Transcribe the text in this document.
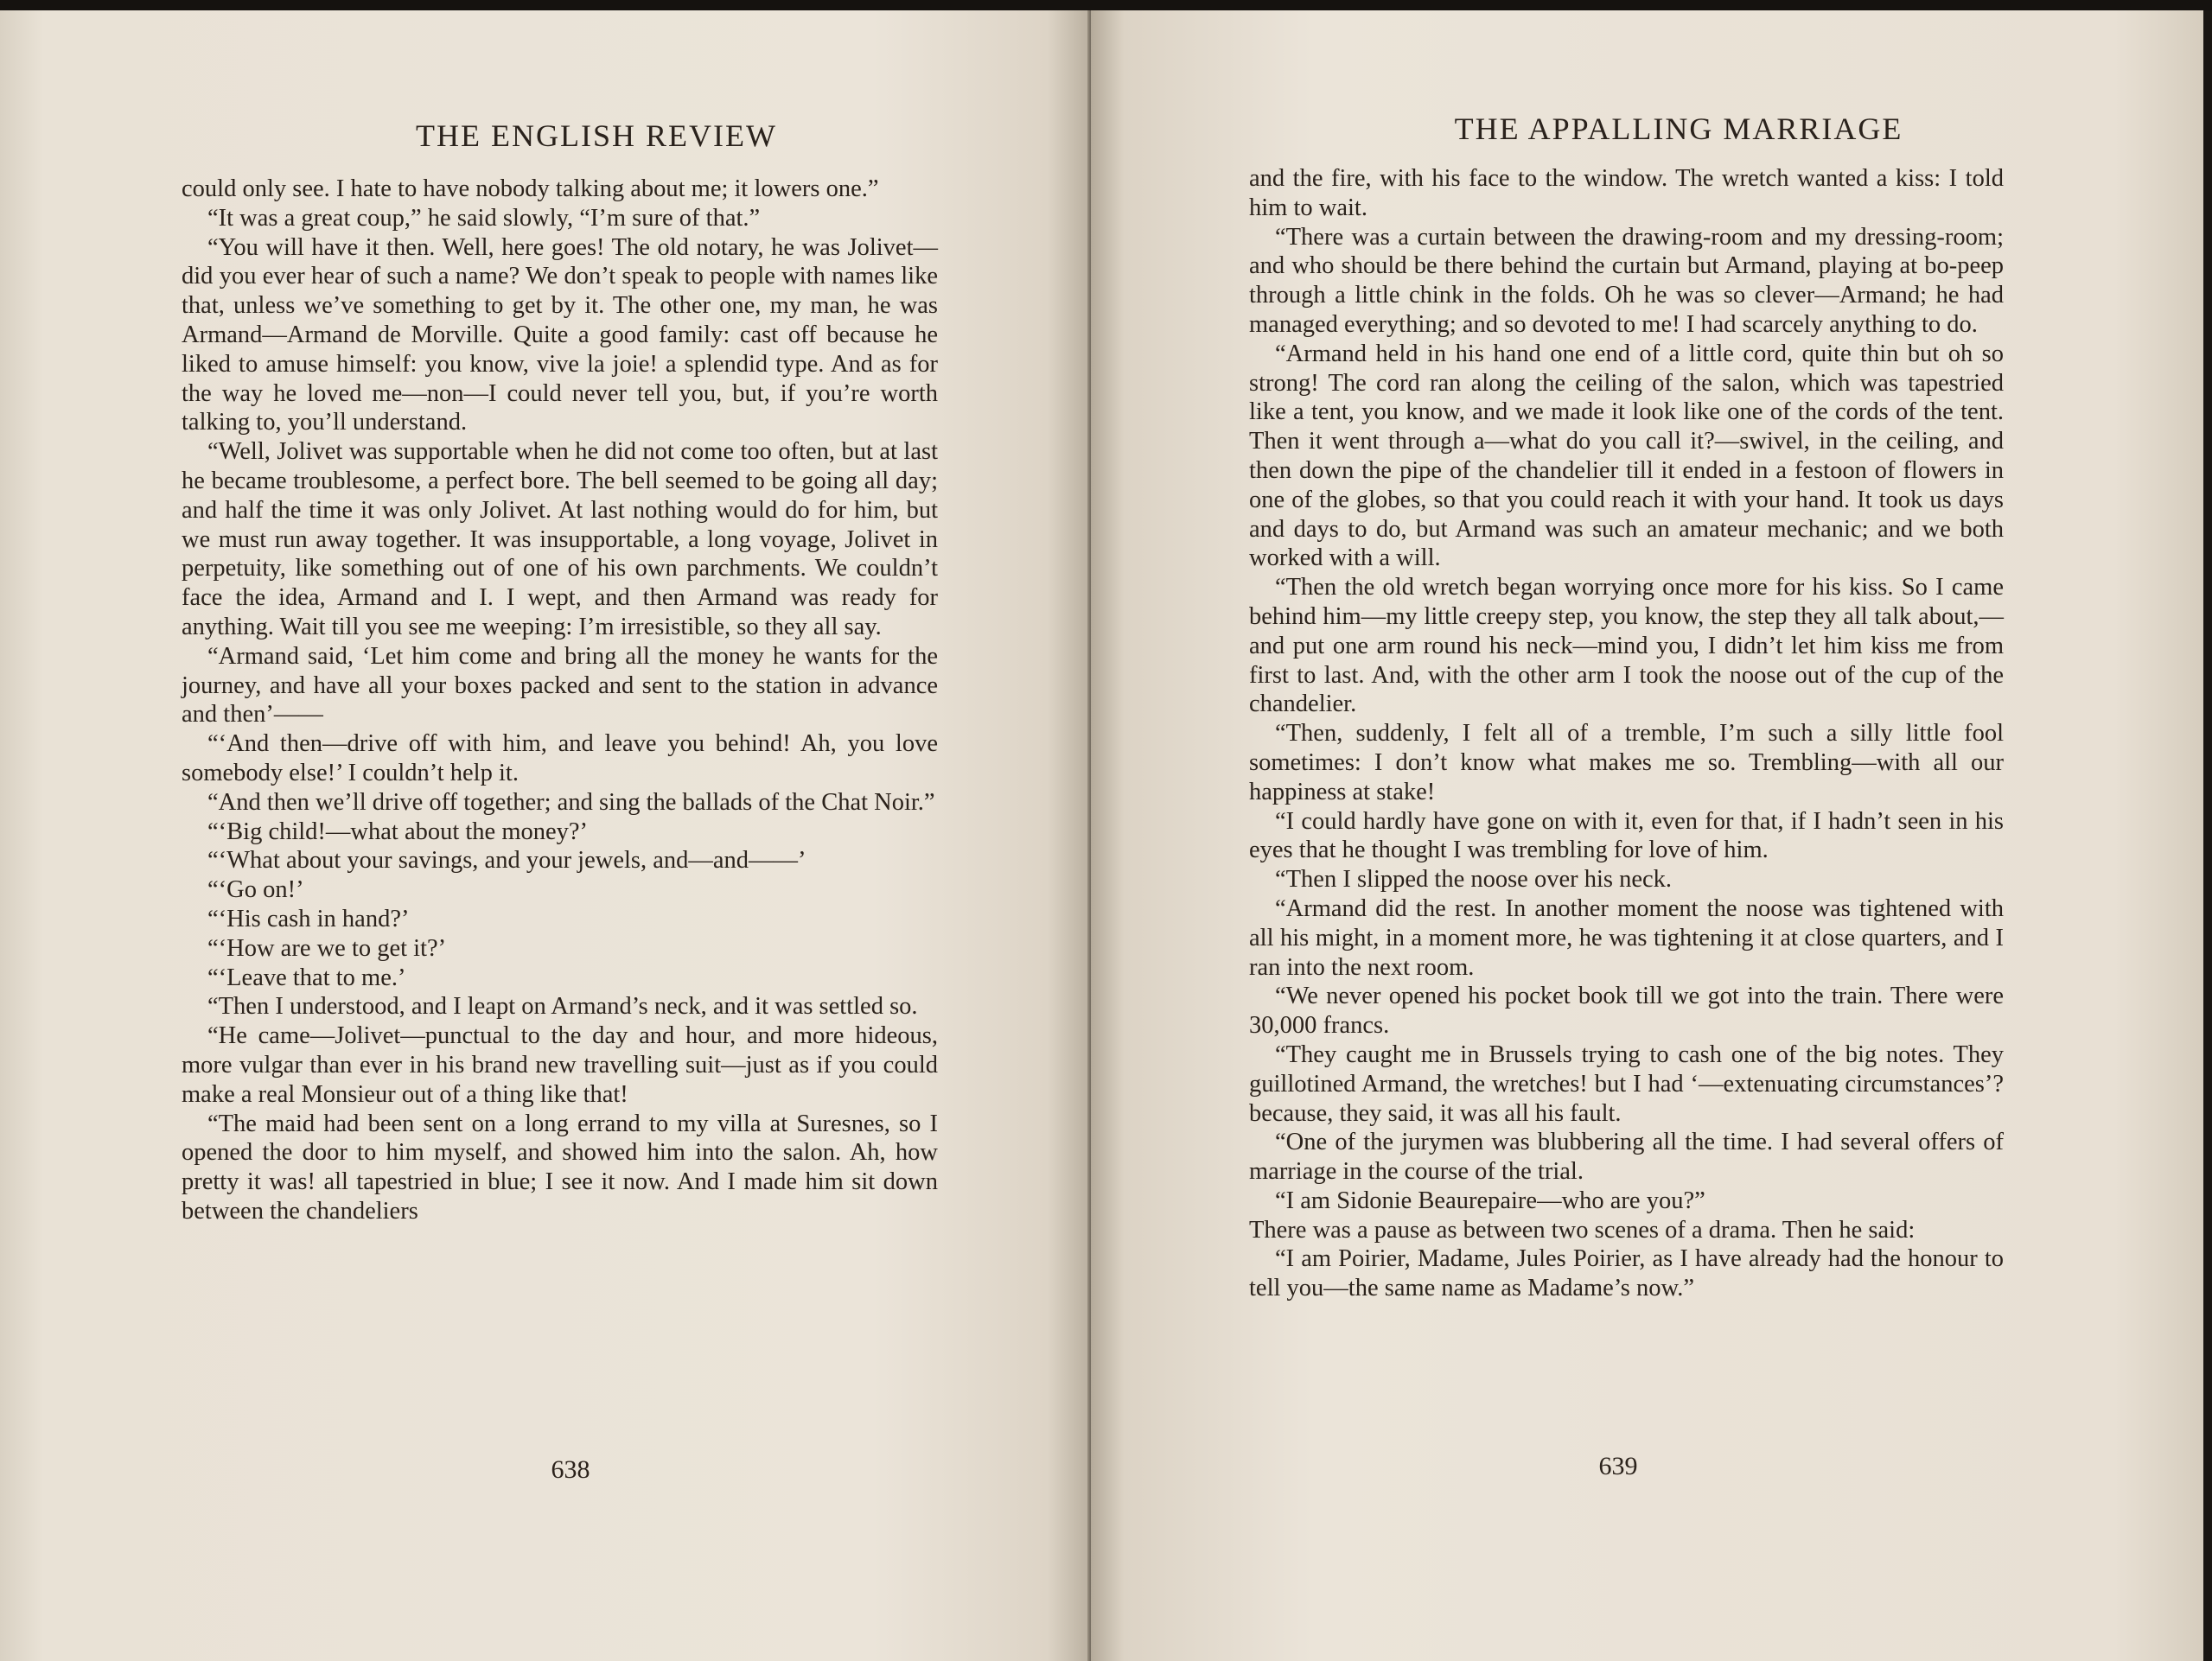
THE ENGLISH REVIEW

could only see. I hate to have nobody talking about me; it lowers one.”

“It was a great coup,” he said slowly, “I’m sure of that.”

“You will have it then. Well, here goes! The old notary, he was Jolivet—did you ever hear of such a name? We don’t speak to people with names like that, unless we’ve something to get by it. The other one, my man, he was Armand—Armand de Morville. Quite a good family: cast off because he liked to amuse himself: you know, vive la joie! a splendid type. And as for the way he loved me—non—I could never tell you, but, if you’re worth talking to, you’ll understand.

“Well, Jolivet was supportable when he did not come too often, but at last he became troublesome, a perfect bore. The bell seemed to be going all day; and half the time it was only Jolivet. At last nothing would do for him, but we must run away together. It was insupportable, a long voyage, Jolivet in perpetuity, like something out of one of his own parchments. We couldn’t face the idea, Armand and I. I wept, and then Armand was ready for anything. Wait till you see me weeping: I’m irresistible, so they all say.

“Armand said, ‘Let him come and bring all the money he wants for the journey, and have all your boxes packed and sent to the station in advance and then’——

“‘And then—drive off with him, and leave you behind! Ah, you love somebody else!’ I couldn’t help it.

“And then we’ll drive off together; and sing the ballads of the Chat Noir.”

“‘Big child!—what about the money?’

“‘What about your savings, and your jewels, and—and——’

“‘Go on!’

“‘His cash in hand?’

“‘How are we to get it?’

“‘Leave that to me.’

“Then I understood, and I leapt on Armand’s neck, and it was settled so.

“He came—Jolivet—punctual to the day and hour, and more hideous, more vulgar than ever in his brand new travelling suit—just as if you could make a real Monsieur out of a thing like that!

“The maid had been sent on a long errand to my villa at Suresnes, so I opened the door to him myself, and showed him into the salon. Ah, how pretty it was! all tapestried in blue; I see it now. And I made him sit down between the chandeliers

638
THE APPALLING MARRIAGE

and the fire, with his face to the window. The wretch wanted a kiss: I told him to wait.

“There was a curtain between the drawing-room and my dressing-room; and who should be there behind the curtain but Armand, playing at bo-peep through a little chink in the folds. Oh he was so clever—Armand; he had managed everything; and so devoted to me! I had scarcely anything to do.

“Armand held in his hand one end of a little cord, quite thin but oh so strong! The cord ran along the ceiling of the salon, which was tapestried like a tent, you know, and we made it look like one of the cords of the tent. Then it went through a—what do you call it?—swivel, in the ceiling, and then down the pipe of the chandelier till it ended in a festoon of flowers in one of the globes, so that you could reach it with your hand. It took us days and days to do, but Armand was such an amateur mechanic; and we both worked with a will.

“Then the old wretch began worrying once more for his kiss. So I came behind him—my little creepy step, you know, the step they all talk about,—and put one arm round his neck—mind you, I didn’t let him kiss me from first to last. And, with the other arm I took the noose out of the cup of the chandelier.

“Then, suddenly, I felt all of a tremble, I’m such a silly little fool sometimes: I don’t know what makes me so. Trembling—with all our happiness at stake!

“I could hardly have gone on with it, even for that, if I hadn’t seen in his eyes that he thought I was trembling for love of him.

“Then I slipped the noose over his neck.

“Armand did the rest. In another moment the noose was tightened with all his might, in a moment more, he was tightening it at close quarters, and I ran into the next room.

“We never opened his pocket book till we got into the train. There were 30,000 francs.

“They caught me in Brussels trying to cash one of the big notes. They guillotined Armand, the wretches! but I had ‘—extenuating circumstances’? because, they said, it was all his fault.

“One of the jurymen was blubbering all the time. I had several offers of marriage in the course of the trial.

“I am Sidonie Beaurepaire—who are you?”

There was a pause as between two scenes of a drama. Then he said:

“I am Poirier, Madame, Jules Poirier, as I have already had the honour to tell you—the same name as Madame’s now.”

639
